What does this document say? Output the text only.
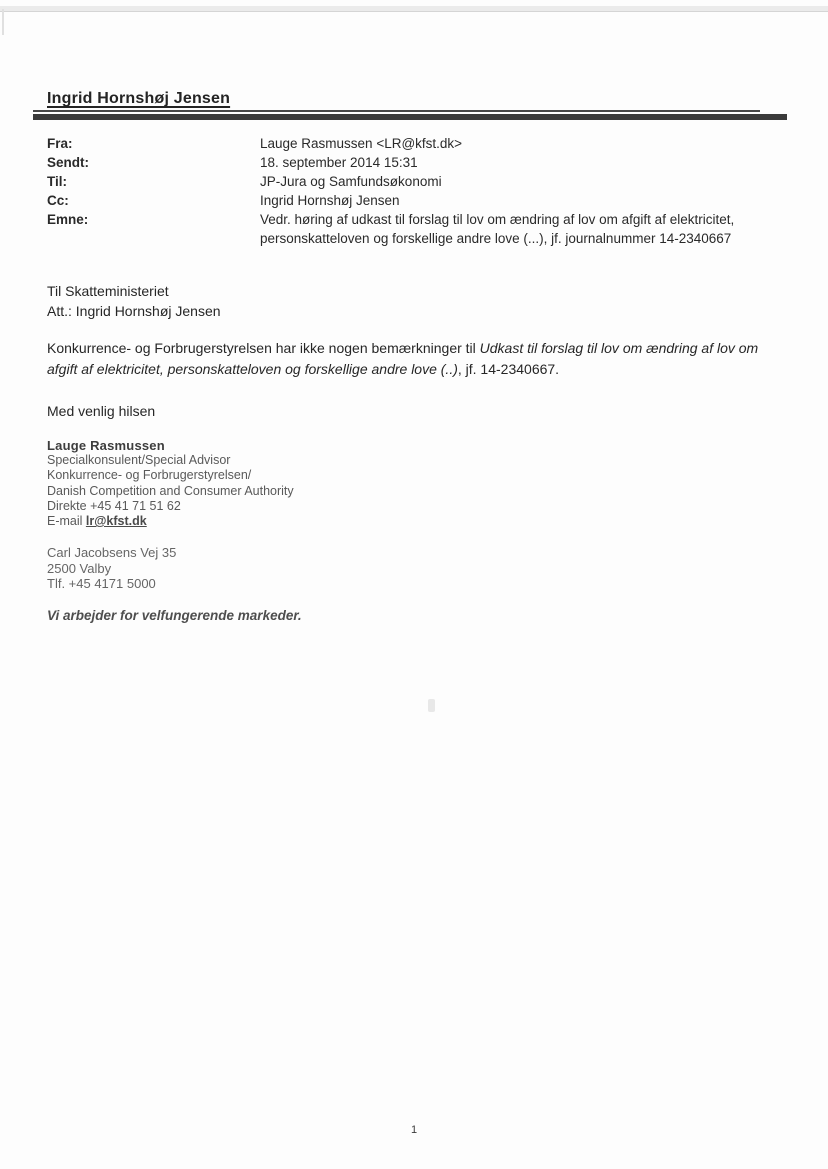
Ingrid Hornshøj Jensen
Fra:	Lauge Rasmussen <LR@kfst.dk>
Sendt:	18. september 2014 15:31
Til:	JP-Jura og Samfundsøkonomi
Cc:	Ingrid Hornshøj Jensen
Emne:	Vedr. høring af udkast til forslag til lov om ændring af lov om afgift af elektricitet, personskatteloven og forskellige andre love (...), jf. journalnummer 14-2340667
Til Skatteministeriet
Att.: Ingrid Hornshøj Jensen

Konkurrence- og Forbrugerstyrelsen har ikke nogen bemærkninger til Udkast til forslag til lov om ændring af lov om afgift af elektricitet, personskatteloven og forskellige andre love (..), jf. 14-2340667.

Med venlig hilsen
Lauge Rasmussen
Specialkonsulent/Special Advisor
Konkurrence- og Forbrugerstyrelsen/
Danish Competition and Consumer Authority
Direkte +45 41 71 51 62
E-mail lr@kfst.dk
Carl Jacobsens Vej 35
2500 Valby
Tlf. +45 4171 5000
Vi arbejder for velfungerende markeder.
1
